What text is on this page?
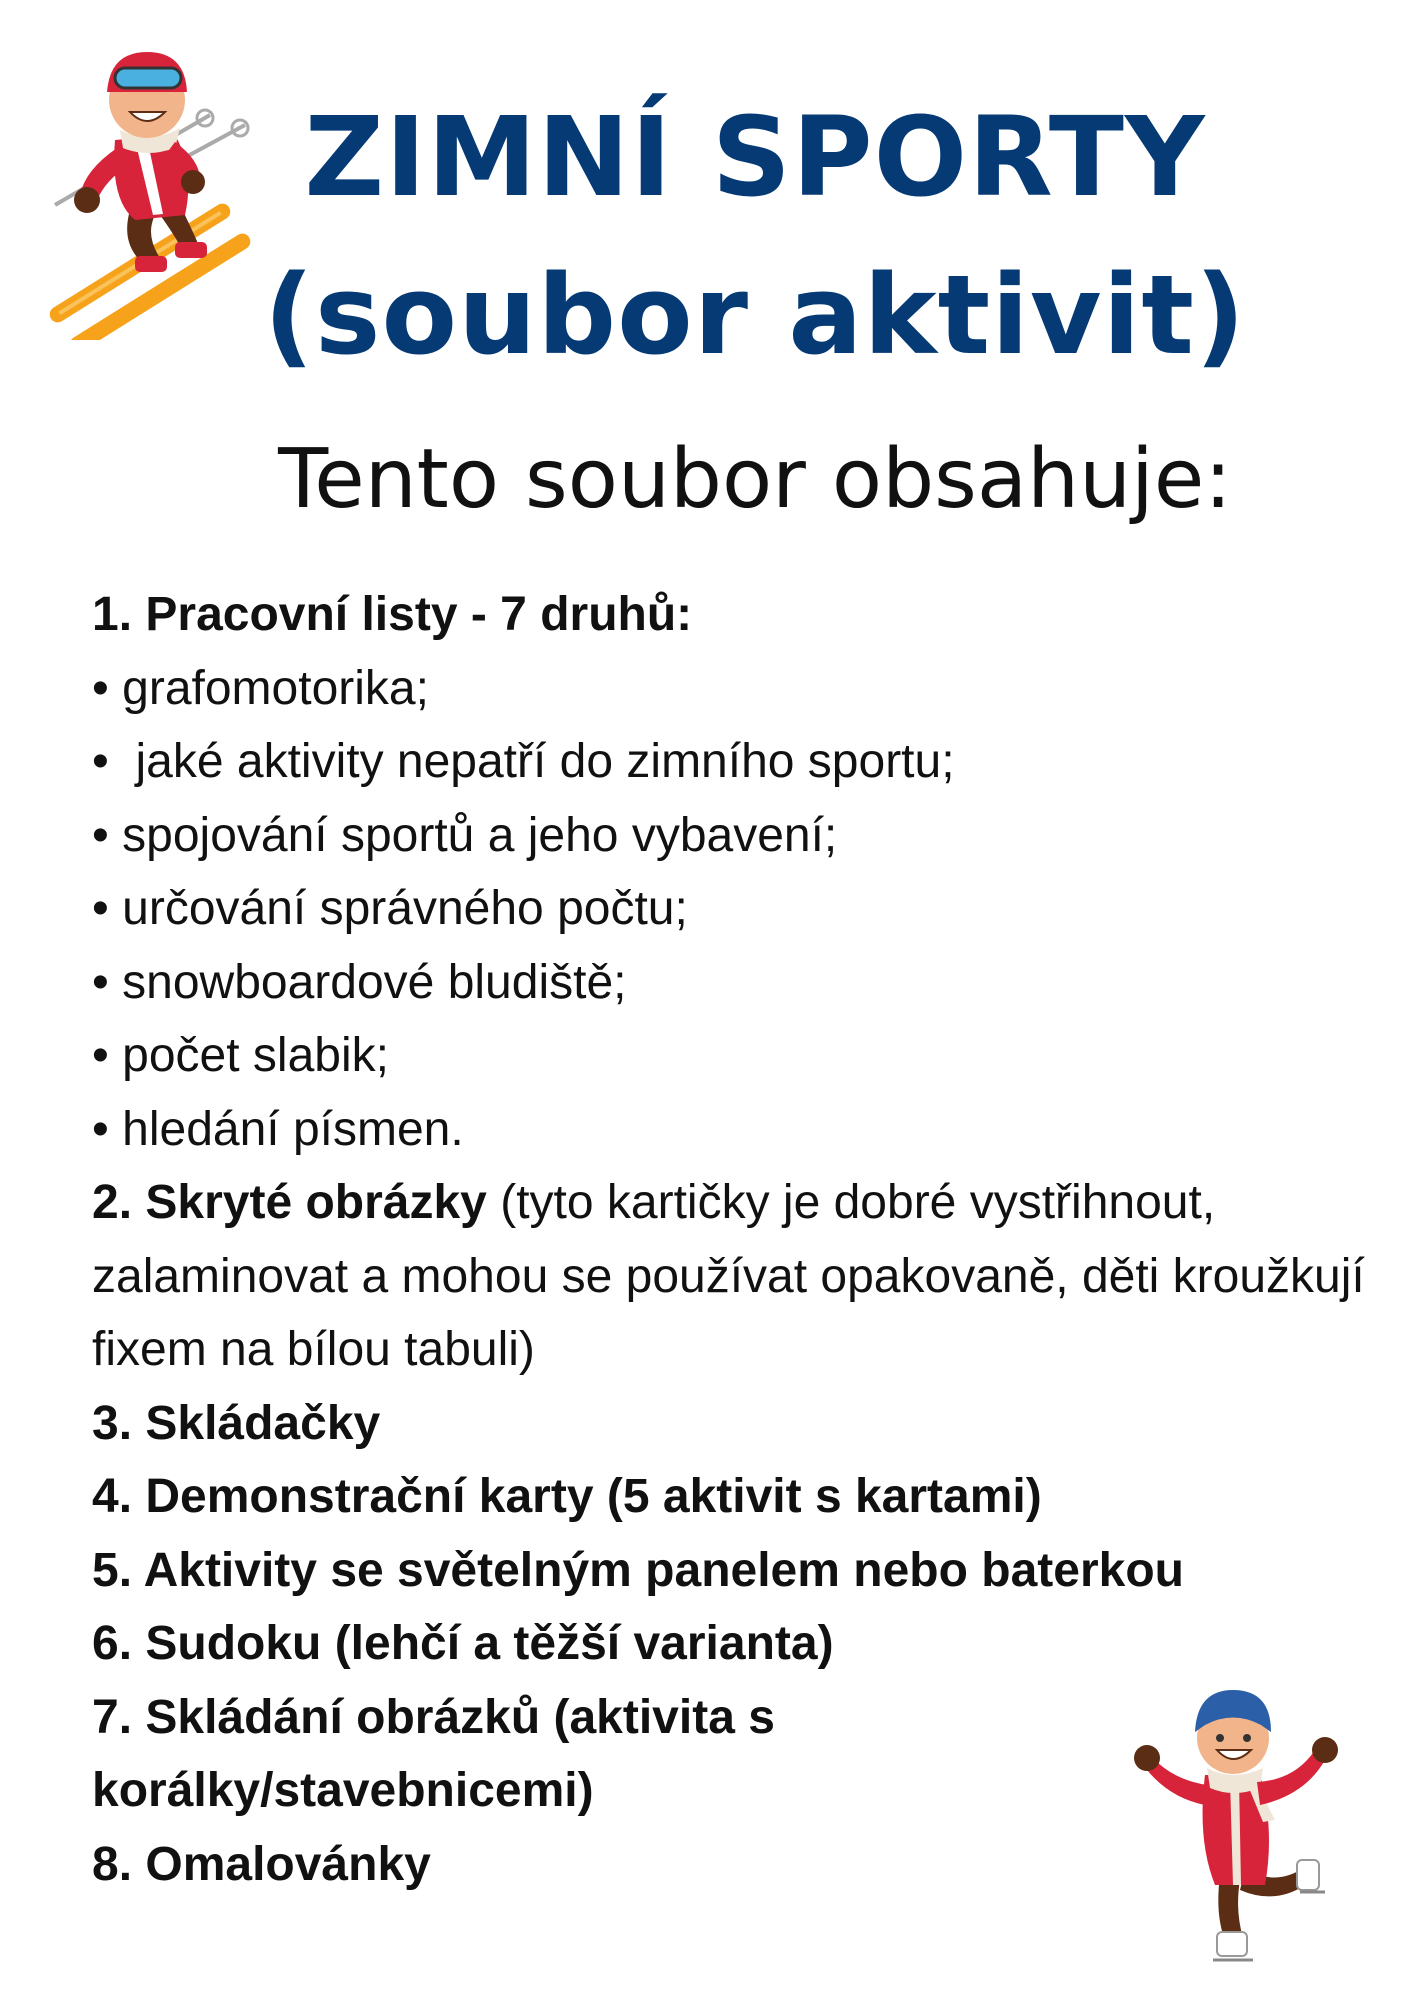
ZIMNÍ SPORTY
(soubor aktivit)

Tento soubor obsahuje:

1. Pracovní listy - 7 druhů:
• grafomotorika;
•  jaké aktivity nepatří do zimního sportu;
• spojování sportů a jeho vybavení;
• určování správného počtu;
• snowboardové bludiště;
• počet slabik;
• hledání písmen.
2. Skryté obrázky (tyto kartičky je dobré vystřihnout, zalaminovat a mohou se používat opakovaně, děti kroužkují fixem na bílou tabuli)
3. Skládačky
4. Demonstrační karty (5 aktivit s kartami)
5. Aktivity se světelným panelem nebo baterkou
6. Sudoku (lehčí a těžší varianta)
7. Skládání obrázků (aktivita s korálky/stavebnicemi)
8. Omalovánky
